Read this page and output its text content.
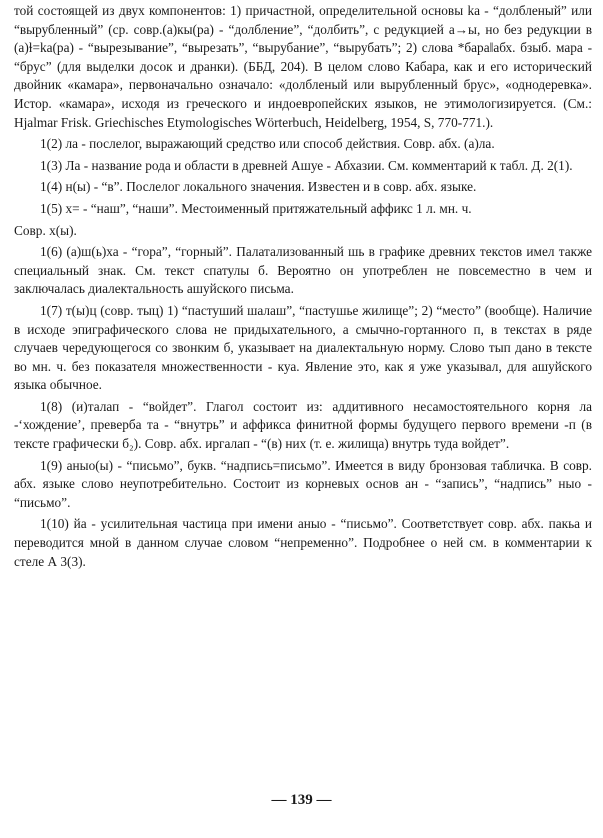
той состоящей из двух компонентов: 1) причастной, определительной основы ka - “долбленый” или “вырубленный” (ср. совр.(а)кы(ра) - “долбление”, “долбить”, с редукцией а→ы, но без редукции в (а)ɫ=ka(ра) - “вырезывание”, “вырезать”, “вырубание”, “вырубать”; 2) слова *бара‖абх. бзыб. мара - “брус” (для выделки досок и дранки). (ББД, 204). В целом слово Кабара, как и его исторический двойник «камара», первоначально означало: «долбленый или вырубленный брус», «однодеревка». Истор. «камара», исходя из греческого и индоевропейских языков, не этимологизируется. (См.: Hjalmar Frisk. Griechisches Etymologisches Wörterbuch, Heidelberg, 1954, S, 770-771.).

1(2) ла - послелог, выражающий средство или способ действия. Совр. абх. (а)ла.

1(3) Ла - название рода и области в древней Ашуе - Абхазии. См. комментарий к табл. Д. 2(1).

1(4) н(ы) - “в”. Послелог локального значения. Известен и в совр. абх. языке.

1(5) х= - “наш”, “наши”. Местоименный притяжательный аффикс 1 л. мн. ч.

Совр. х(ы).

1(6) (а)ш(ь)ха - “гора”, “горный”. Палатализованный шь в графике древних текстов имел также специальный знак. См. текст спатулы б. Вероятно он употреблен не повсеместно в чем и заключалась диалектальность ашуйского письма.

1(7) т(ы)ц (совр. тыц) 1) “пастуший шалаш”, “пастушье жилище”; 2) “место” (вообще). Наличие в исходе эпиграфического слова не придыхательного, а смычно-гортанного п, в текстах в ряде случаев чередующегося со звонким б, указывает на диалектальную норму. Слово тып дано в тексте во мн. ч. без показателя множественности - куа. Явление это, как я уже указывал, для ашуйского языка обычное.

1(8) (и)талап - “войдет”. Глагол состоит из: аддитивного несамостоятельного корня ла -‘хождение’, преверба та - “внутрь” и аффикса финитной формы будущего первого времени -п (в тексте графически б₂). Совр. абх. иргалап - “(в) них (т. е. жилища) внутрь туда войдет”.

1(9) аныо(ы) - “письмо”, букв. “надпись=письмо”. Имеется в виду бронзовая табличка. В совр. абх. языке слово неупотребительно. Состоит из корневых основ ан - “запись”, “надпись” ныо - “письмо”.

1(10) йа - усилительная частица при имени аныо - “письмо”. Соответствует совр. абх. пакьа и переводится мной в данном случае словом “непременно”. Подробнее о ней см. в комментарии к стеле А 3(3).

— 139 —
